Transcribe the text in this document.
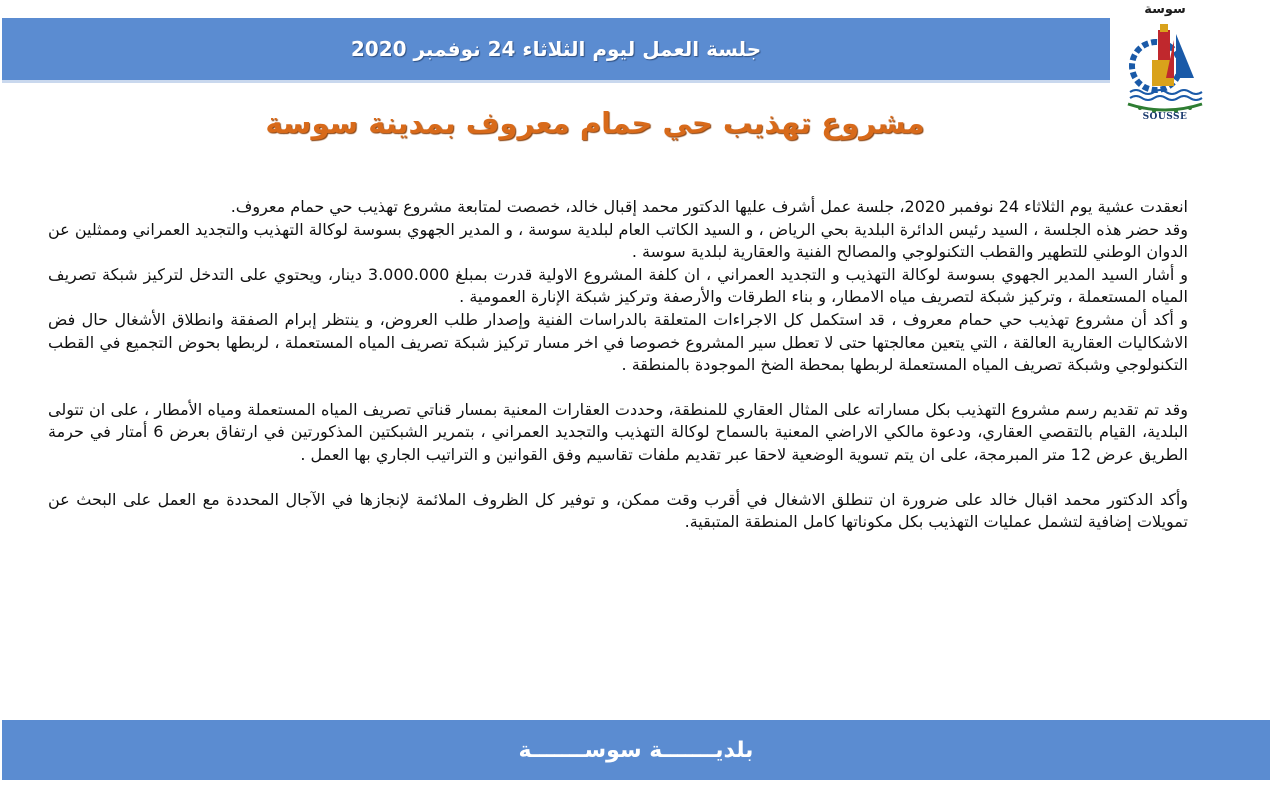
جلسة العمل ليوم الثلاثاء 24 نوفمبر 2020
سوسة
SOUSSE
مشروع تهذيب حي حمام معروف بمدينة سوسة

انعقدت عشية يوم الثلاثاء 24 نوفمبر 2020، جلسة عمل أشرف عليها الدكتور محمد إقبال خالد، خصصت لمتابعة مشروع تهذيب حي حمام معروف.

وقد حضر هذه الجلسة ، السيد رئيس الدائرة البلدية بحي الرياض ، و السيد الكاتب العام لبلدية سوسة ، و المدير الجهوي بسوسة لوكالة التهذيب والتجديد العمراني وممثلين عن الدوان الوطني للتطهير والقطب التكنولوجي والمصالح الفنية والعقارية لبلدية سوسة .

و أشار السيد المدير الجهوي بسوسة لوكالة التهذيب و التجديد العمراني ، ان كلفة المشروع الاولية قدرت بمبلغ 3.000.000 دينار، ويحتوي على التدخل لتركيز شبكة تصريف المياه المستعملة ، وتركيز شبكة لتصريف مياه الامطار، و بناء الطرقات والأرصفة وتركيز شبكة الإنارة العمومية .

و أكد أن مشروع تهذيب حي حمام معروف ، قد استكمل كل الاجراءات المتعلقة بالدراسات الفنية وإصدار طلب العروض، و ينتظر إبرام الصفقة وانطلاق الأشغال حال فض الاشكاليات العقارية العالقة ، التي يتعين معالجتها حتى لا تعطل سير المشروع خصوصا في اخر مسار تركيز شبكة تصريف المياه المستعملة ، لربطها بحوض التجميع في القطب التكنولوجي وشبكة تصريف المياه المستعملة لربطها بمحطة الضخ الموجودة بالمنطقة .

وقد تم تقديم رسم مشروع التهذيب بكل مساراته على المثال العقاري للمنطقة، وحددت العقارات المعنية بمسار قناتي تصريف المياه المستعملة ومياه الأمطار ، على ان تتولى البلدية، القيام بالتقصي العقاري، ودعوة مالكي الاراضي المعنية بالسماح لوكالة التهذيب والتجديد العمراني ، بتمرير الشبكتين المذكورتين في ارتفاق بعرض 6 أمتار في حرمة الطريق عرض 12 متر المبرمجة، على ان يتم تسوية الوضعية لاحقا عبر تقديم ملفات تقاسيم وفق القوانين و التراتيب الجاري بها العمل .

وأكد الدكتور محمد اقبال خالد على ضرورة ان تنطلق الاشغال في أقرب وقت ممكن، و توفير كل الظروف الملائمة لإنجازها في الآجال المحددة مع العمل على البحث عن تمويلات إضافية لتشمل عمليات التهذيب بكل مكوناتها كامل المنطقة المتبقية.

بلديـــــــة سوســـــــة
